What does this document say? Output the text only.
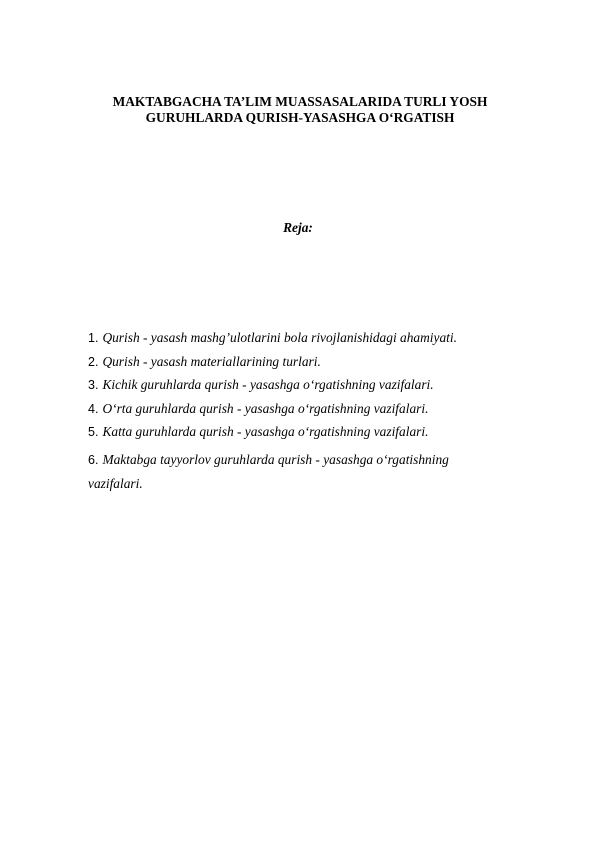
MAKTABGACHA TA’LIM MUASSASALARIDA TURLI YOSH
GURUHLARDA QURISH-YASASHGA O‘RGATISH
Reja:
1. Qurish - yasash mashg’ulotlarini bola rivojlanishidagi ahamiyati.
2. Qurish - yasash materiallarining turlari.
3. Kichik guruhlarda qurish - yasashga o‘rgatishning vazifalari.
4. O‘rta guruhlarda qurish - yasashga o‘rgatishning vazifalari.
5. Katta guruhlarda qurish - yasashga o‘rgatishning vazifalari.
6. Maktabga tayyorlov guruhlarda qurish - yasashga o‘rgatishning vazifalari.
